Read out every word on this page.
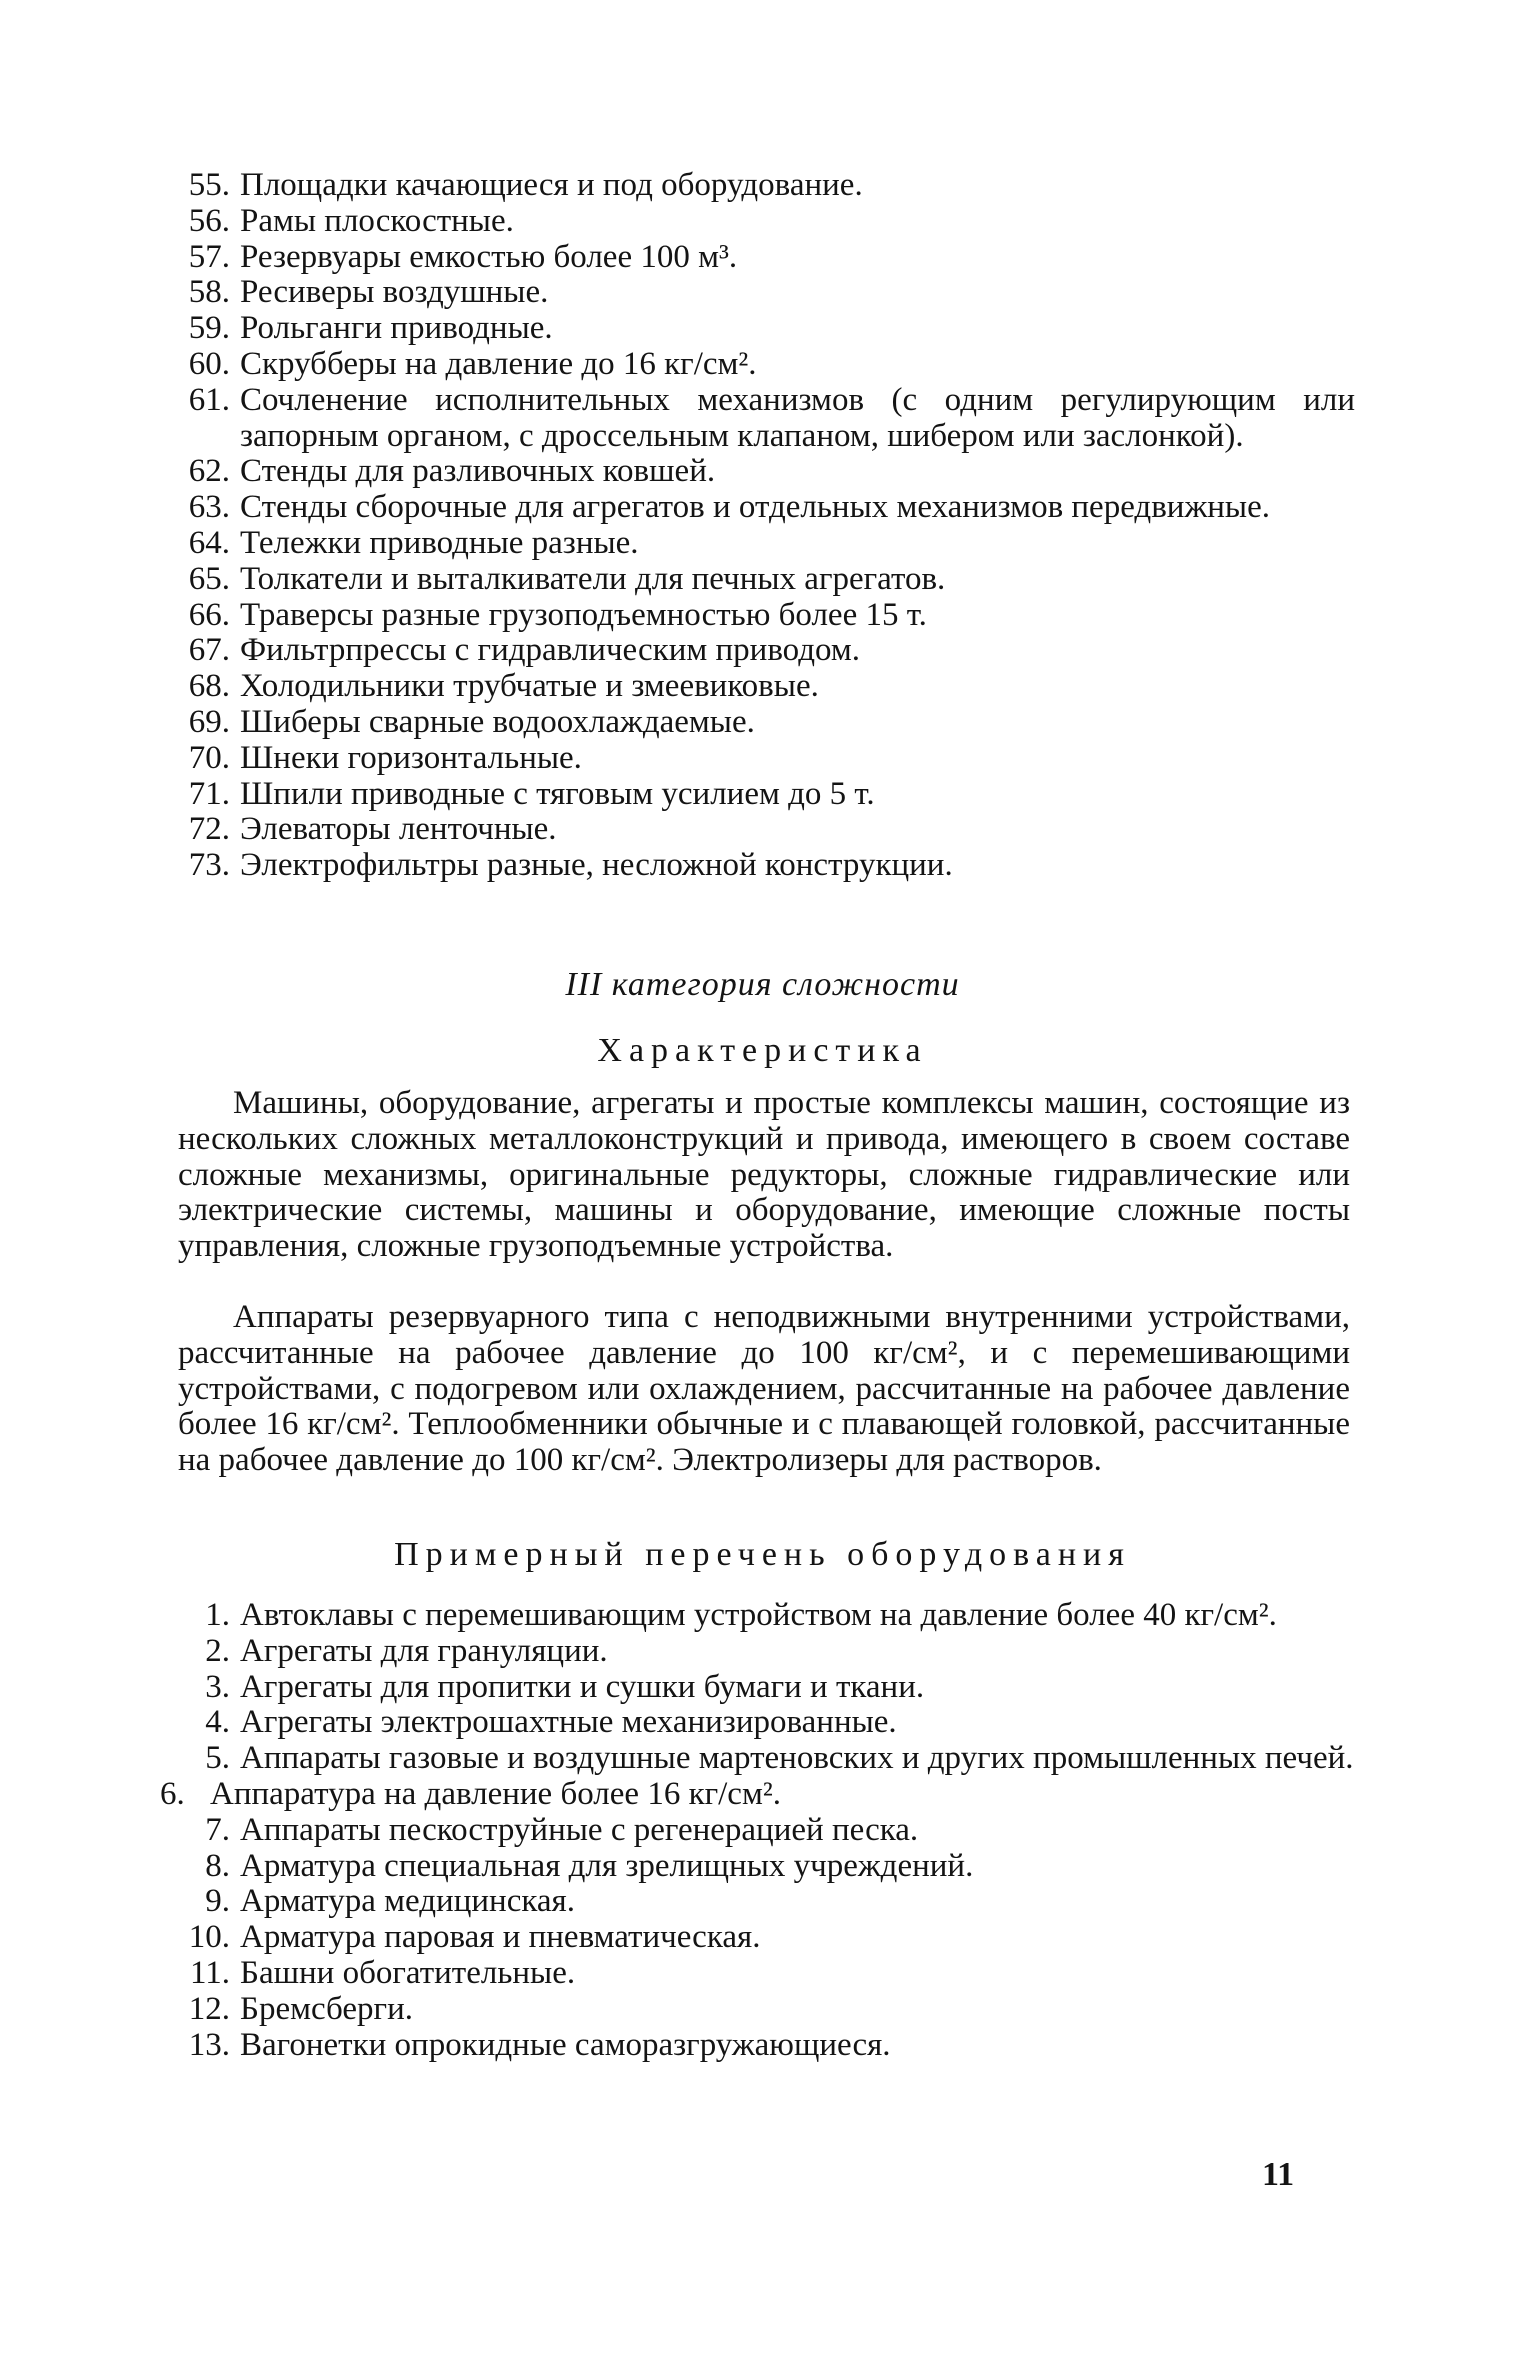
55. Площадки качающиеся и под оборудование.
56. Рамы плоскостные.
57. Резервуары емкостью более 100 м³.
58. Ресиверы воздушные.
59. Рольганги приводные.
60. Скрубберы на давление до 16 кг/см².
61. Сочленение исполнительных механизмов (с одним регулирующим или запорным органом, с дроссельным клапаном, шибером или заслонкой).
62. Стенды для разливочных ковшей.
63. Стенды сборочные для агрегатов и отдельных механизмов передвижные.
64. Тележки приводные разные.
65. Толкатели и выталкиватели для печных агрегатов.
66. Траверсы разные грузоподъемностью более 15 т.
67. Фильтрпрессы с гидравлическим приводом.
68. Холодильники трубчатые и змеевиковые.
69. Шиберы сварные водоохлаждаемые.
70. Шнеки горизонтальные.
71. Шпили приводные с тяговым усилием до 5 т.
72. Элеваторы ленточные.
73. Электрофильтры разные, несложной конструкции.
III категория сложности
Характеристика

Машины, оборудование, агрегаты и простые комплексы машин, состоящие из нескольких сложных металлоконструкций и привода, имеющего в своем составе сложные механизмы, оригинальные редукторы, сложные гидравлические или электрические системы, машины и оборудование, имеющие сложные посты управления, сложные грузоподъемные устройства.

Аппараты резервуарного типа с неподвижными внутренними устройствами, рассчитанные на рабочее давление до 100 кг/см², и с перемешивающими устройствами, с подогревом или охлаждением, рассчитанные на рабочее давление более 16 кг/см². Теплообменники обычные и с плавающей головкой, рассчитанные на рабочее давление до 100 кг/см². Электролизеры для растворов.

Примерный перечень оборудования
1. Автоклавы с перемешивающим устройством на давление более 40 кг/см².
2. Агрегаты для грануляции.
3. Агрегаты для пропитки и сушки бумаги и ткани.
4. Агрегаты электрошахтные механизированные.
5. Аппараты газовые и воздушные мартеновских и других промышленных печей.
6. Аппаратура на давление более 16 кг/см².
7. Аппараты пескоструйные с регенерацией песка.
8. Арматура специальная для зрелищных учреждений.
9. Арматура медицинская.
10. Арматура паровая и пневматическая.
11. Башни обогатительные.
12. Бремсберги.
13. Вагонетки опрокидные саморазгружающиеся.
11
